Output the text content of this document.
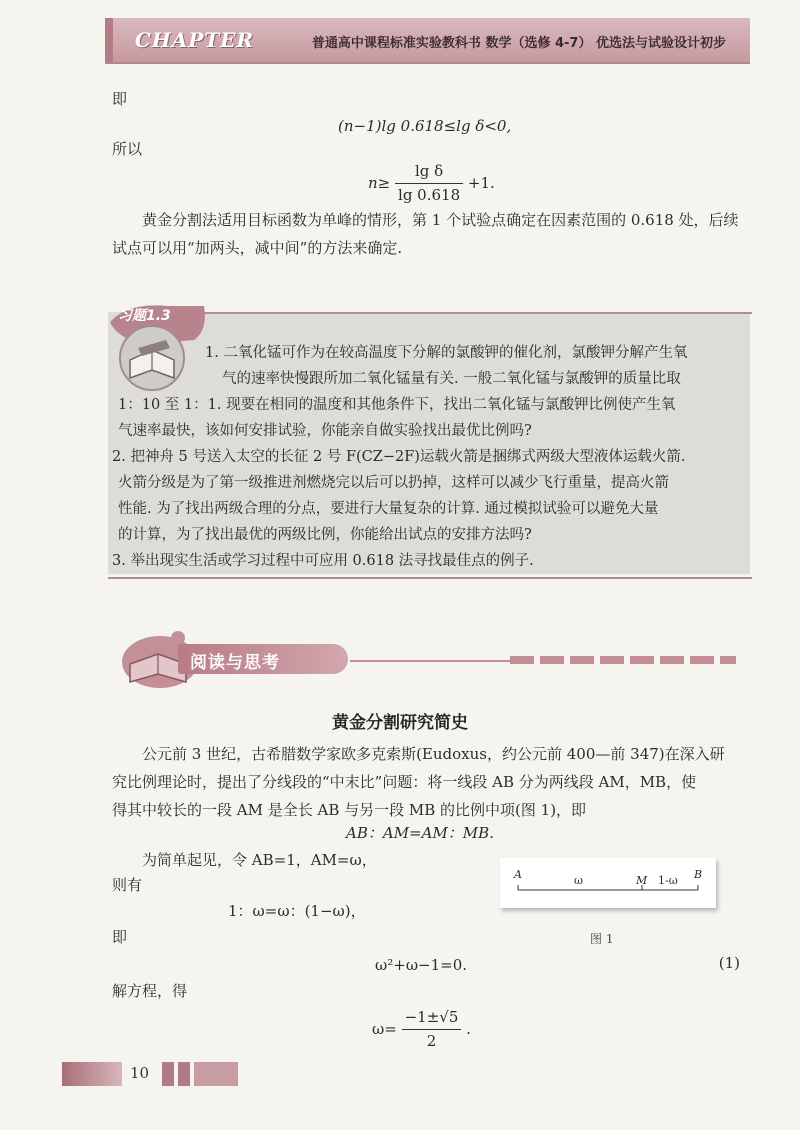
CHAPTER	普通高中课程标准实验教科书 数学（选修 4-7） 优选法与试验设计初步
即
(n−1)lg 0.618≤lg δ<0,
所以
$n\ge \frac{\text{lg δ}}{\lg 0.618} +1$.
黄金分割法适用目标函数为单峰的情形，第 1 个试验点确定在因素范围的 0.618 处，后续试点可以用“加两头，减中间”的方法来确定.
习题1.3
1. 二氧化锰可作为在较高温度下分解的氯酸钾的催化剂，氯酸钾分解产生氧
气的速率快慢跟所加二氧化锰量有关. 一般二氧化锰与氯酸钾的质量比取
1：10 至 1：1. 现要在相同的温度和其他条件下，找出二氧化锰与氯酸钾比例使产生氧
气速率最快，该如何安排试验，你能亲自做实验找出最优比例吗?
2. 把神舟 5 号送入太空的长征 2 号 F(CZ−2F)运载火箭是捆绑式两级大型液体运载火箭.
火箭分级是为了第一级推进剂燃烧完以后可以扔掉，这样可以减少飞行重量，提高火箭
性能. 为了找出两级合理的分点，要进行大量复杂的计算. 通过模拟试验可以避免大量
的计算，为了找出最优的两级比例，你能给出试点的安排方法吗?
3. 举出现实生活或学习过程中可应用 0.618 法寻找最佳点的例子.
阅读与思考
黄金分割研究简史
公元前 3 世纪，古希腊数学家欧多克索斯(Eudoxus，约公元前 400—前 347)在深入研
究比例理论时，提出了分线段的“中末比”问题：将一线段 AB 分为两线段 AM，MB，使
得其中较长的一段 AM 是全长 AB 与另一段 MB 的比例中项(图 1)，即
AB：AM=AM：MB.
为简单起见，令 AB=1，AM=ω，
则有
1：ω=ω：(1−ω)，
即
ω²+ω−1=0.	(1)
解方程，得
$\omega= \frac{-1\pm√5}{2}$ .
A	ω	M 1-ω B
图 1
10
